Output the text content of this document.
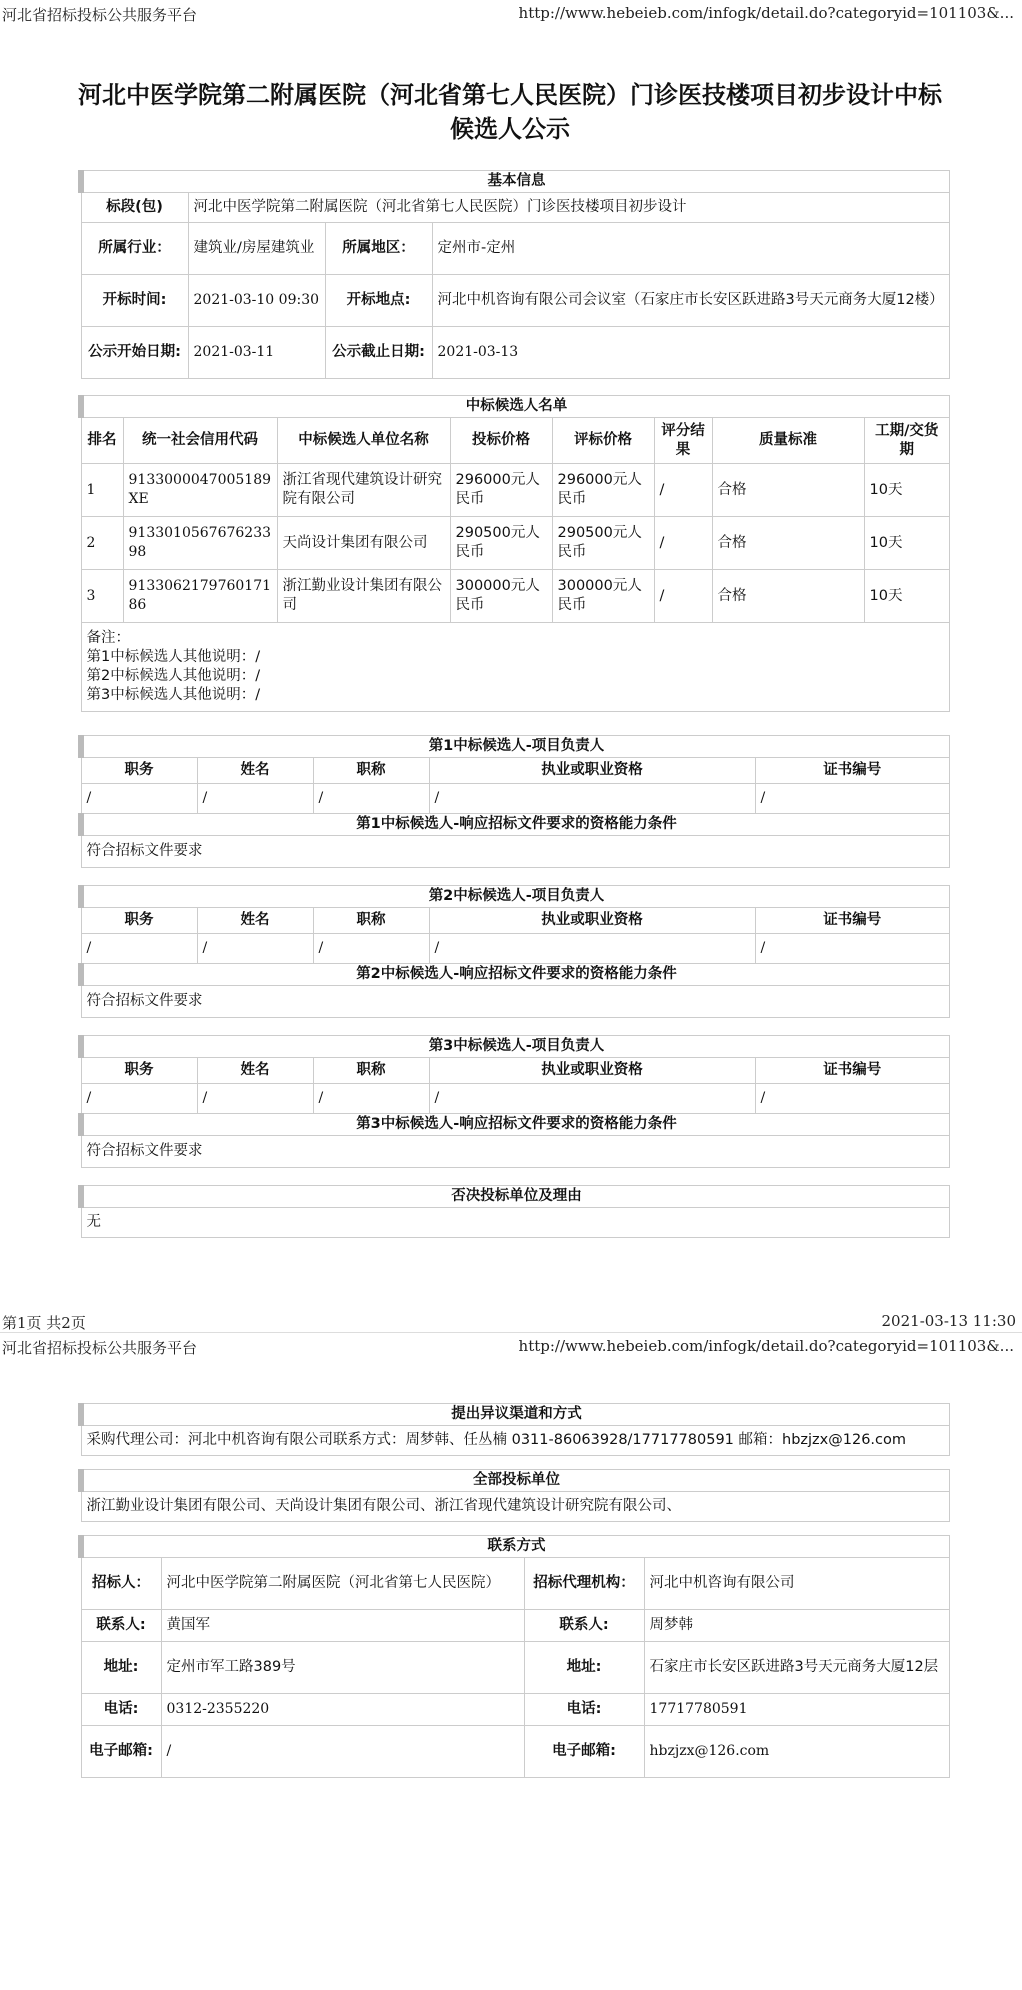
河北省招标投标公共服务平台	http://www.hebeieb.com/infogk/detail.do?categoryid=101103&...
河北中医学院第二附属医院（河北省第七人民医院）门诊医技楼项目初步设计中标候选人公示
基本信息			
标段(包)	河北中医学院第二附属医院（河北省第七人民医院）门诊医技楼项目初步设计		
所属行业：	建筑业/房屋建筑业	所属地区：	定州市-定州
开标时间:	2021-03-10 09:30	开标地点:	河北中机咨询有限公司会议室（石家庄市长安区跃进路3号天元商务大厦12楼）
公示开始日期:	2021-03-11	公示截止日期:	2021-03-13
中标候选人名单							
排名	统一社会信用代码	中标候选人单位名称	投标价格	评标价格	评分结果	质量标准	工期/交货期
1	9133000047005189XE	浙江省现代建筑设计研究院有限公司	296000元人民币	296000元人民币	/	合格	10天
2	913301056767623398	天尚设计集团有限公司	290500元人民币	290500元人民币	/	合格	10天
3	913306217976017186	浙江勤业设计集团有限公司	300000元人民币	300000元人民币	/	合格	10天

备注：
第1中标候选人其他说明：/
第2中标候选人其他说明：/
第3中标候选人其他说明：/							
第1中标候选人-项目负责人				
职务	姓名	职称	执业或职业资格	证书编号
/	/	/	/	/
第1中标候选人-响应招标文件要求的资格能力条件				
符合招标文件要求				
第2中标候选人-项目负责人				
职务	姓名	职称	执业或职业资格	证书编号
/	/	/	/	/
第2中标候选人-响应招标文件要求的资格能力条件				
符合招标文件要求				
第3中标候选人-项目负责人				
职务	姓名	职称	执业或职业资格	证书编号
/	/	/	/	/
第3中标候选人-响应招标文件要求的资格能力条件				
符合招标文件要求				
否决投标单位及理由
无
第1页 共2页	2021-03-13 11:30
河北省招标投标公共服务平台	http://www.hebeieb.com/infogk/detail.do?categoryid=101103&...
提出异议渠道和方式
采购代理公司：河北中机咨询有限公司联系方式：周梦韩、任丛楠 0311-86063928/17717780591 邮箱：hbzjzx@126.com
全部投标单位
浙江勤业设计集团有限公司、天尚设计集团有限公司、浙江省现代建筑设计研究院有限公司、
联系方式			
招标人：	河北中医学院第二附属医院（河北省第七人民医院）	招标代理机构：	河北中机咨询有限公司
联系人:	黄国军	联系人:	周梦韩
地址:	定州市军工路389号	地址:	石家庄市长安区跃进路3号天元商务大厦12层
电话:	0312-2355220	电话:	17717780591
电子邮箱:	/	电子邮箱:	hbzjzx@126.com
